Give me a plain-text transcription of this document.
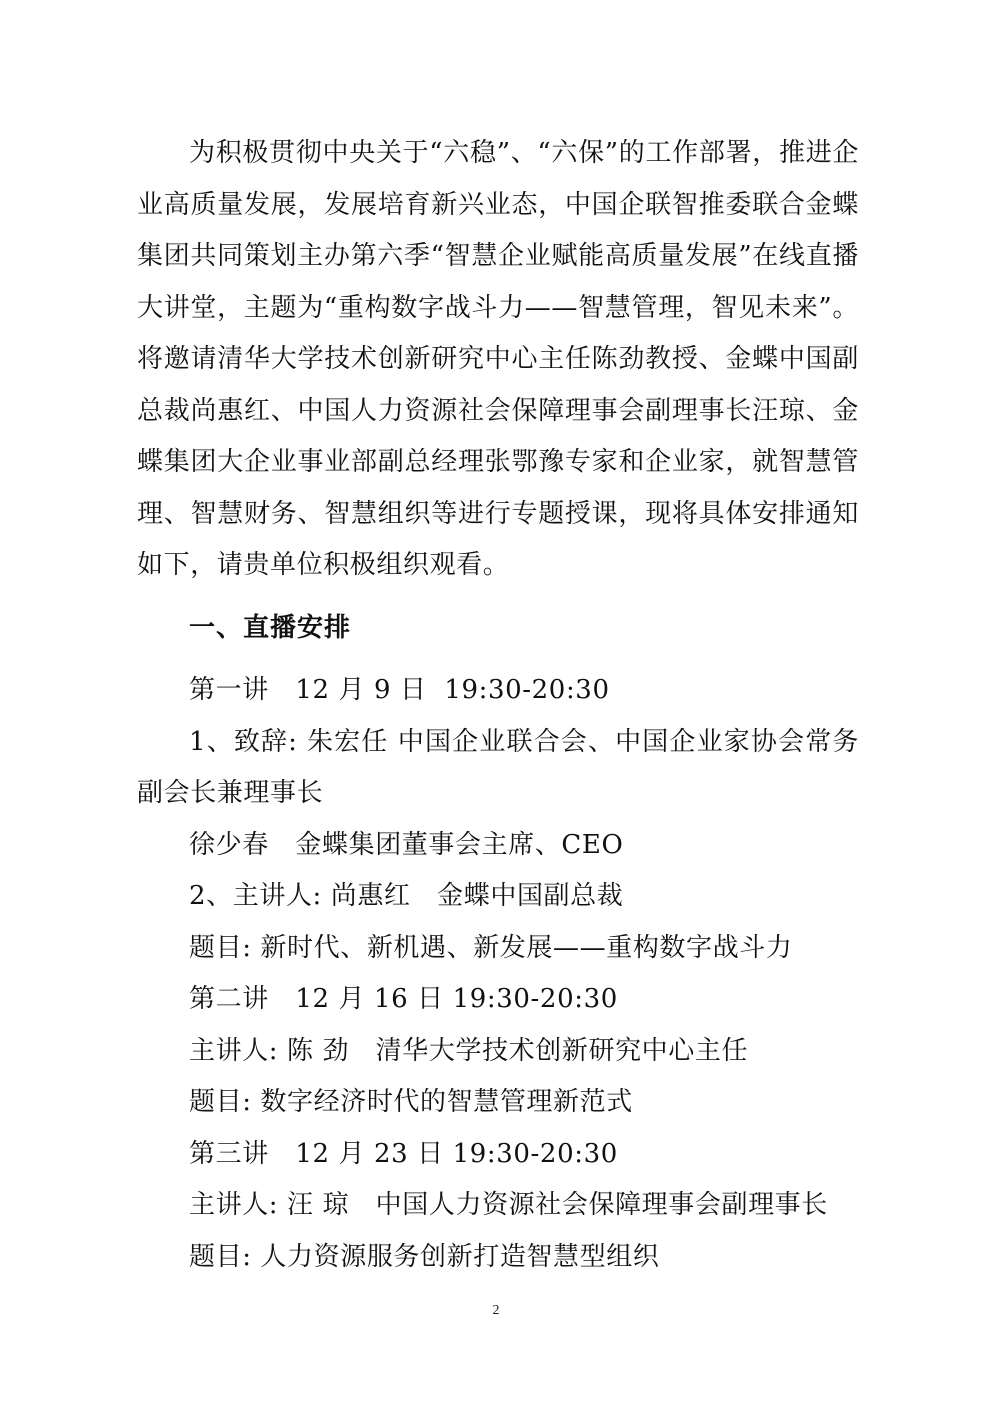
为积极贯彻中央关于“六稳”、“六保”的工作部署，推进企业高质量发展，发展培育新兴业态，中国企联智推委联合金蝶集团共同策划主办第六季“智慧企业赋能高质量发展”在线直播大讲堂，主题为“重构数字战斗力——智慧管理，智见未来”。将邀请清华大学技术创新研究中心主任陈劲教授、金蝶中国副总裁尚惠红、中国人力资源社会保障理事会副理事长汪琼、金蝶集团大企业事业部副总经理张鄂豫专家和企业家，就智慧管理、智慧财务、智慧组织等进行专题授课，现将具体安排通知如下，请贵单位积极组织观看。

一、直播安排
第一讲   12 月 9 日  19:30-20:30
1、致辞: 朱宏任 中国企业联合会、中国企业家协会常务副会长兼理事长
徐少春   金蝶集团董事会主席、CEO
2、主讲人: 尚惠红   金蝶中国副总裁
题目: 新时代、新机遇、新发展——重构数字战斗力
第二讲   12 月 16 日 19:30-20:30
主讲人: 陈 劲   清华大学技术创新研究中心主任
题目: 数字经济时代的智慧管理新范式
第三讲   12 月 23 日 19:30-20:30
主讲人: 汪 琼   中国人力资源社会保障理事会副理事长
题目: 人力资源服务创新打造智慧型组织
2
